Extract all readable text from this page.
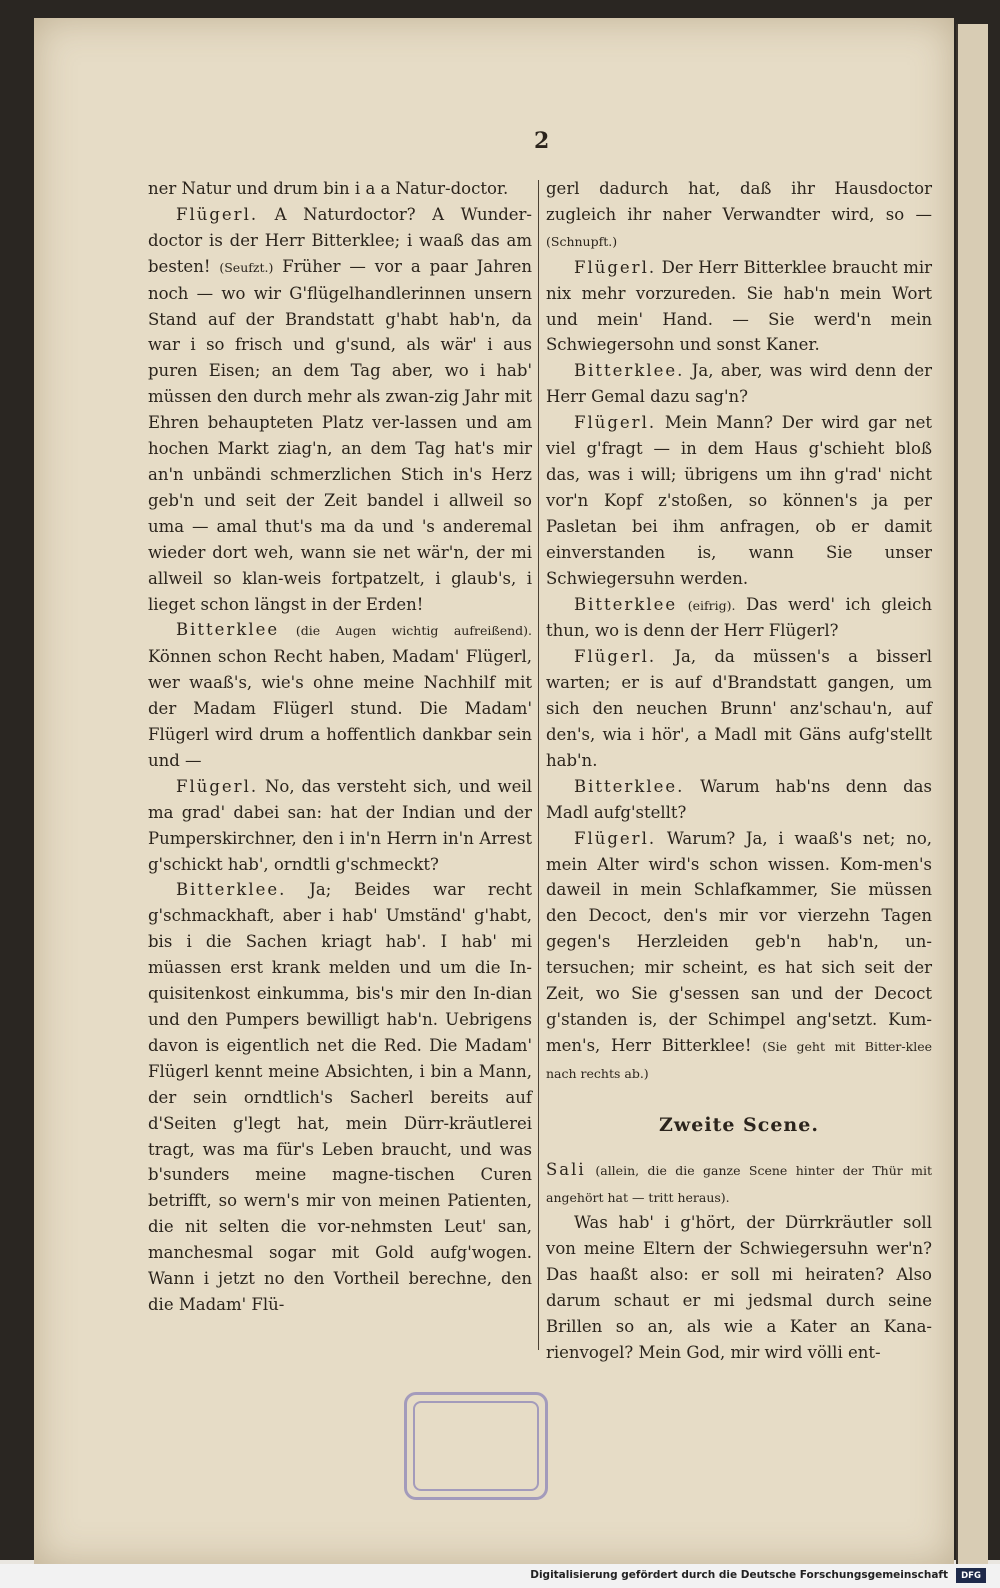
2

ner Natur und drum bin i a a Natur-doctor.

Flügerl. A Naturdoctor? A Wunder-doctor is der Herr Bitterklee; i waaß das am besten! (Seufzt.) Früher — vor a paar Jahren noch — wo wir G'flügelhandlerinnen unsern Stand auf der Brandstatt g'habt hab'n, da war i so frisch und g'sund, als wär' i aus puren Eisen; an dem Tag aber, wo i hab' müssen den durch mehr als zwan-zig Jahr mit Ehren behaupteten Platz ver-lassen und am hochen Markt ziag'n, an dem Tag hat's mir an'n unbändi schmerzlichen Stich in's Herz geb'n und seit der Zeit bandel i allweil so uma — amal thut's ma da und 's anderemal wieder dort weh, wann sie net wär'n, der mi allweil so klan-weis fortpatzelt, i glaub's, i lieget schon längst in der Erden!

Bitterklee (die Augen wichtig aufreißend). Können schon Recht haben, Madam' Flügerl, wer waaß's, wie's ohne meine Nachhilf mit der Madam Flügerl stund. Die Madam' Flügerl wird drum a hoffentlich dankbar sein und —

Flügerl. No, das versteht sich, und weil ma grad' dabei san: hat der Indian und der Pumperskirchner, den i in'n Herrn in'n Arrest g'schickt hab', orndtli g'schmeckt?

Bitterklee. Ja; Beides war recht g'schmackhaft, aber i hab' Umständ' g'habt, bis i die Sachen kriagt hab'. I hab' mi müassen erst krank melden und um die In-quisitenkost einkumma, bis's mir den In-dian und den Pumpers bewilligt hab'n. Uebrigens davon is eigentlich net die Red. Die Madam' Flügerl kennt meine Absichten, i bin a Mann, der sein orndtlich's Sacherl bereits auf d'Seiten g'legt hat, mein Dürr-kräutlerei tragt, was ma für's Leben braucht, und was b'sunders meine magne-tischen Curen betrifft, so wern's mir von meinen Patienten, die nit selten die vor-nehmsten Leut' san, manchesmal sogar mit Gold aufg'wogen. Wann i jetzt no den Vortheil berechne, den die Madam' Flü-

gerl dadurch hat, daß ihr Hausdoctor zugleich ihr naher Verwandter wird, so — (Schnupft.)

Flügerl. Der Herr Bitterklee braucht mir nix mehr vorzureden. Sie hab'n mein Wort und mein' Hand. — Sie werd'n mein Schwiegersohn und sonst Kaner.

Bitterklee. Ja, aber, was wird denn der Herr Gemal dazu sag'n?

Flügerl. Mein Mann? Der wird gar net viel g'fragt — in dem Haus g'schieht bloß das, was i will; übrigens um ihn g'rad' nicht vor'n Kopf z'stoßen, so können's ja per Pasletan bei ihm anfragen, ob er damit einverstanden is, wann Sie unser Schwiegersuhn werden.

Bitterklee (eifrig). Das werd' ich gleich thun, wo is denn der Herr Flügerl?

Flügerl. Ja, da müssen's a bisserl warten; er is auf d'Brandstatt gangen, um sich den neuchen Brunn' anz'schau'n, auf den's, wia i hör', a Madl mit Gäns aufg'stellt hab'n.

Bitterklee. Warum hab'ns denn das Madl aufg'stellt?

Flügerl. Warum? Ja, i waaß's net; no, mein Alter wird's schon wissen. Kom-men's daweil in mein Schlafkammer, Sie müssen den Decoct, den's mir vor vierzehn Tagen gegen's Herzleiden geb'n hab'n, un-tersuchen; mir scheint, es hat sich seit der Zeit, wo Sie g'sessen san und der Decoct g'standen is, der Schimpel ang'setzt. Kum-men's, Herr Bitterklee! (Sie geht mit Bitter-klee nach rechts ab.)

Zweite Scene.

Sali (allein, die die ganze Scene hinter der Thür mit angehört hat — tritt heraus).

Was hab' i g'hört, der Dürrkräutler soll von meine Eltern der Schwiegersuhn wer'n? Das haaßt also: er soll mi heiraten? Also darum schaut er mi jedsmal durch seine Brillen so an, als wie a Kater an Kana-rienvogel? Mein God, mir wird völli ent-

Digitalisierung gefördert durch die Deutsche Forschungsgemeinschaft	DFG
